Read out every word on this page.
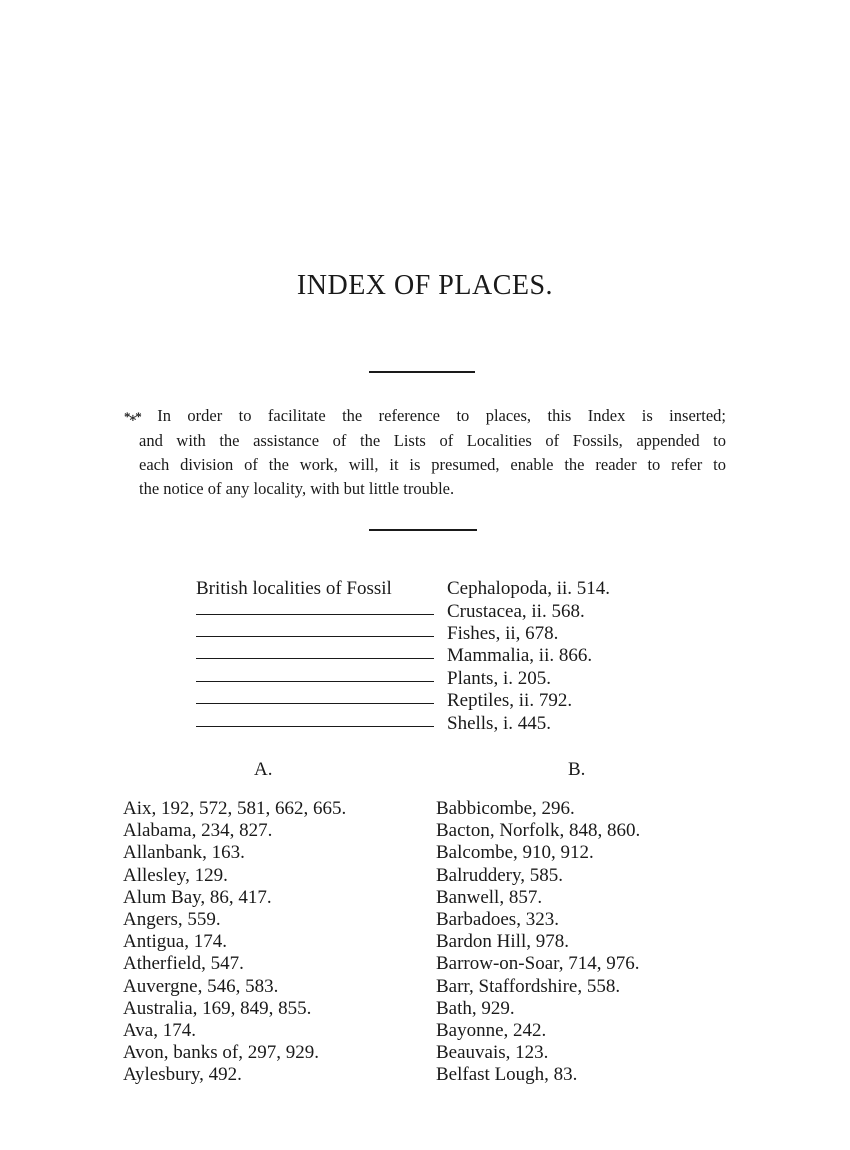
INDEX OF PLACES.

*⁎* In order to facilitate the reference to places, this Index is inserted;
and with the assistance of the Lists of Localities of Fossils, appended to
each division of the work, will, it is presumed, enable the reader to refer to
the notice of any locality, with but little trouble.

British localities of Fossil	Cephalopoda, ii. 514.
Crustacea, ii. 568.
Fishes, ii, 678.
Mammalia, ii. 866.
Plants, i. 205.
Reptiles, ii. 792.
Shells, i. 445.
A.	B.
Aix, 192, 572, 581, 662, 665.
Alabama, 234, 827.
Allanbank, 163.
Allesley, 129.
Alum Bay, 86, 417.
Angers, 559.
Antigua, 174.
Atherfield, 547.
Auvergne, 546, 583.
Australia, 169, 849, 855.
Ava, 174.
Avon, banks of, 297, 929.
Aylesbury, 492.
Babbicombe, 296.
Bacton, Norfolk, 848, 860.
Balcombe, 910, 912.
Balruddery, 585.
Banwell, 857.
Barbadoes, 323.
Bardon Hill, 978.
Barrow-on-Soar, 714, 976.
Barr, Staffordshire, 558.
Bath, 929.
Bayonne, 242.
Beauvais, 123.
Belfast Lough, 83.
